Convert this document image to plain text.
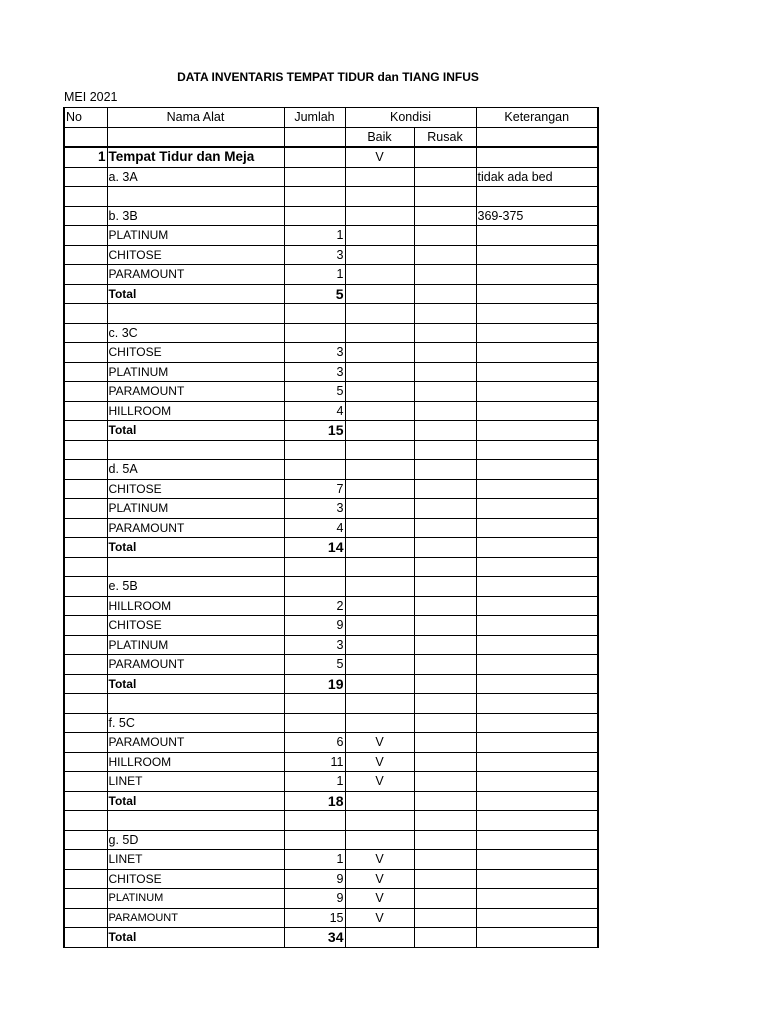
DATA INVENTARIS TEMPAT TIDUR dan TIANG INFUS
MEI 2021
No	Nama Alat	Jumlah	Kondisi		Keterangan
			Baik	Rusak	
1	Tempat Tidur dan Meja		V		
	a. 3A				tidak ada bed

	b. 3B				369-375
	PLATINUM	1			
	CHITOSE	3			
	PARAMOUNT	1			
	Total	5			

	c. 3C				
	CHITOSE	3			
	PLATINUM	3			
	PARAMOUNT	5			
	HILLROOM	4			
	Total	15			

	d. 5A				
	CHITOSE	7			
	PLATINUM	3			
	PARAMOUNT	4			
	Total	14			

	e. 5B				
	HILLROOM	2			
	CHITOSE	9			
	PLATINUM	3			
	PARAMOUNT	5			
	Total	19			

	f. 5C				
	PARAMOUNT	6	V		
	HILLROOM	11	V		
	LINET	1	V		
	Total	18			

	g. 5D				
	LINET	1	V		
	CHITOSE	9	V		
	PLATINUM	9	V		
	PARAMOUNT	15	V		
	Total	34			
